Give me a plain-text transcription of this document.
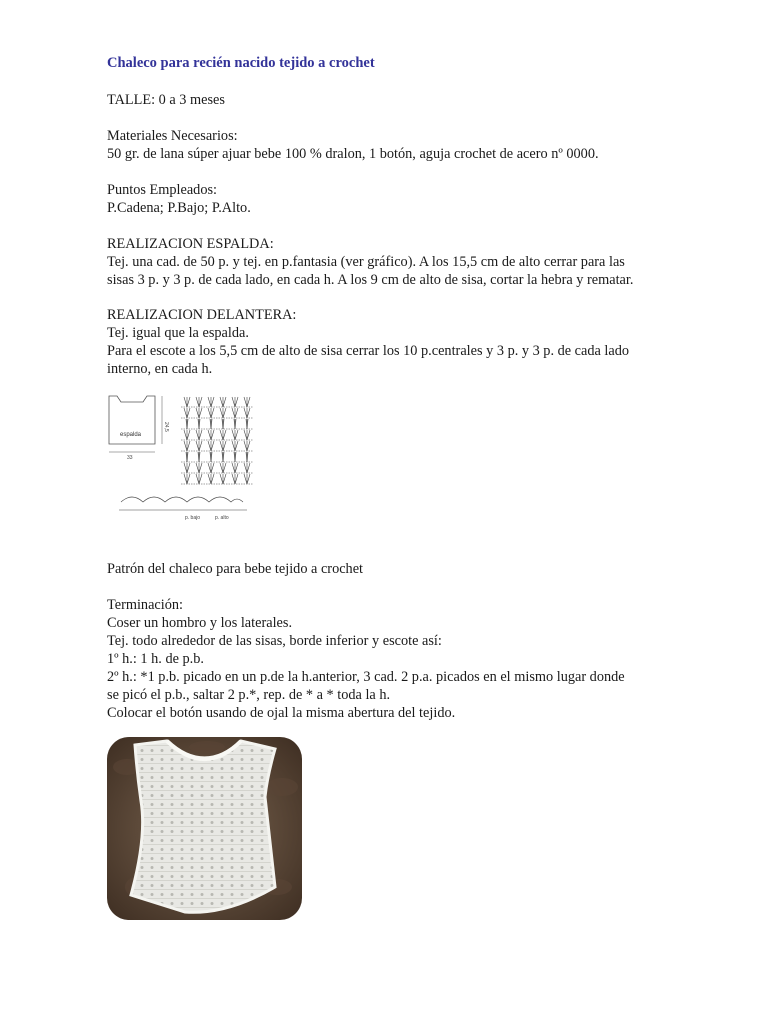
Chaleco para recién nacido tejido a crochet
TALLE: 0 a 3 meses
Materiales Necesarios:
50 gr. de lana súper ajuar bebe 100 % dralon, 1 botón, aguja crochet de acero nº 0000.
Puntos Empleados:
P.Cadena; P.Bajo; P.Alto.
REALIZACION ESPALDA:
Tej. una cad. de 50 p. y tej. en p.fantasia (ver gráfico). A los 15,5 cm de alto cerrar para las
sisas 3 p. y 3 p. de cada lado, en cada h. A los 9 cm de alto de sisa, cortar la hebra y rematar.
REALIZACION DELANTERA:
Tej. igual que la espalda.
Para el escote a los 5,5 cm de alto de sisa cerrar los 10 p.centrales y 3 p. y 3 p. de cada lado
interno, en cada h.
Patrón del chaleco para bebe tejido a crochet
Terminación:
Coser un hombro y los laterales.
Tej. todo alrededor de las sisas, borde inferior y escote así:
1º h.: 1 h. de p.b.
2º h.: *1 p.b. picado en un p.de la h.anterior, 3 cad. 2 p.a. picados en el mismo lugar donde
se picó el p.b., saltar 2 p.*, rep. de * a * toda la h.
Colocar el botón usando de ojal la misma abertura del tejido.
espalda
33
24,5
p. bajo	p. alto
